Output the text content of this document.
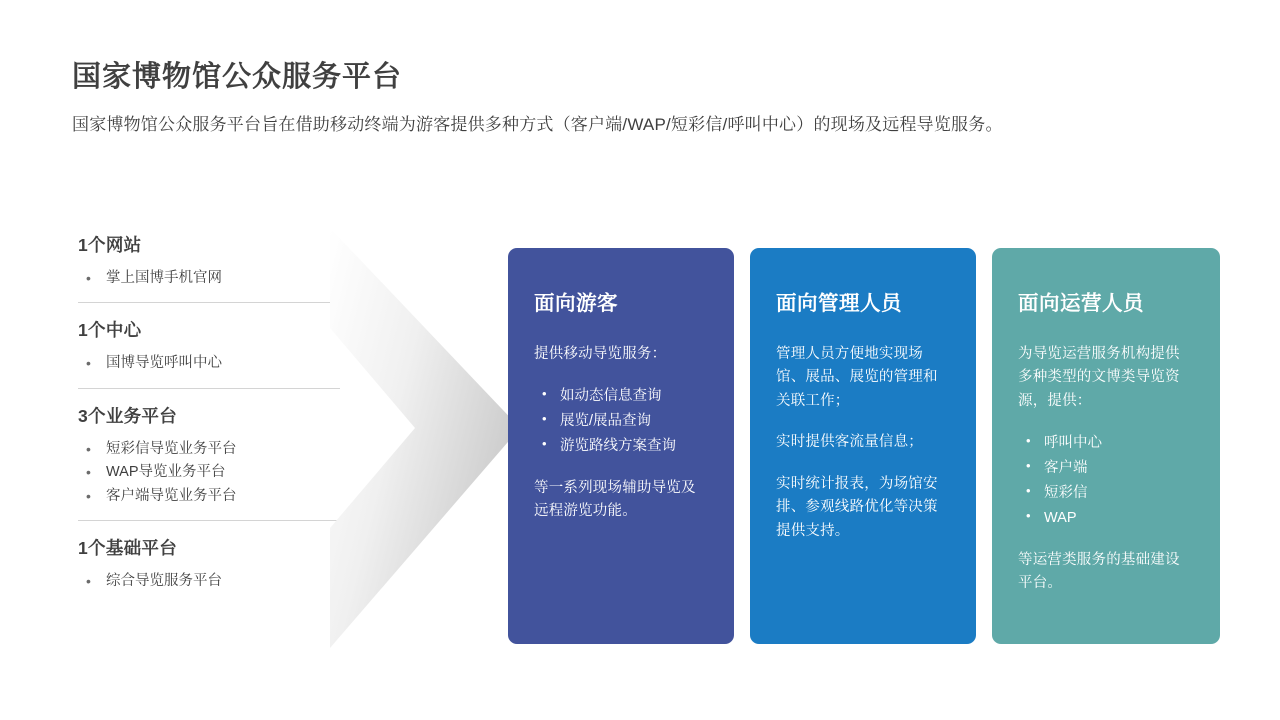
国家博物馆公众服务平台

国家博物馆公众服务平台旨在借助移动终端为游客提供多种方式（客户端/WAP/短彩信/呼叫中心）的现场及远程导览服务。

1个网站
• 掌上国博手机官网
1个中心
• 国博导览呼叫中心
3个业务平台
• 短彩信导览业务平台
• WAP导览业务平台
• 客户端导览业务平台
1个基础平台
• 综合导览服务平台
面向游客

提供移动导览服务：

• 如动态信息查询
• 展览/展品查询
• 游览路线方案查询

等一系列现场辅助导览及远程游览功能。

面向管理人员

管理人员方便地实现场馆、展品、展览的管理和关联工作；

实时提供客流量信息；

实时统计报表，为场馆安排、参观线路优化等决策提供支持。

面向运营人员

为导览运营服务机构提供多种类型的文博类导览资源，提供：

• 呼叫中心
• 客户端
• 短彩信
• WAP

等运营类服务的基础建设平台。
